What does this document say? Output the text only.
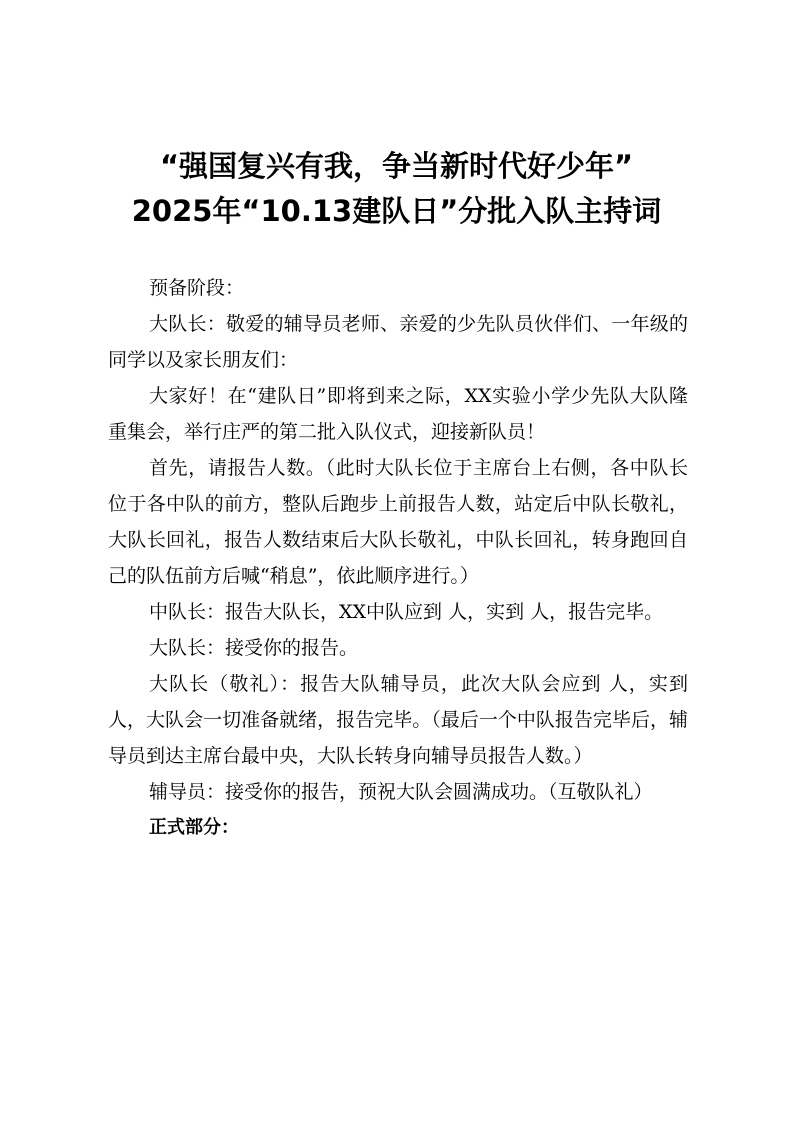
“强国复兴有我，争当新时代好少年”
2025年“10.13建队日”分批入队主持词

预备阶段：

大队长：敬爱的辅导员老师、亲爱的少先队员伙伴们、一年级的同学以及家长朋友们：

大家好！在“建队日”即将到来之际，XX实验小学少先队大队隆重集会，举行庄严的第二批入队仪式，迎接新队员！

首先，请报告人数。（此时大队长位于主席台上右侧，各中队长位于各中队的前方，整队后跑步上前报告人数，站定后中队长敬礼，大队长回礼，报告人数结束后大队长敬礼，中队长回礼，转身跑回自己的队伍前方后喊“稍息”，依此顺序进行。）

中队长：报告大队长，XX中队应到 人，实到 人，报告完毕。

大队长：接受你的报告。

大队长（敬礼）：报告大队辅导员，此次大队会应到 人，实到 人，大队会一切准备就绪，报告完毕。（最后一个中队报告完毕后，辅导员到达主席台最中央，大队长转身向辅导员报告人数。）

辅导员：接受你的报告，预祝大队会圆满成功。（互敬队礼）

正式部分：
